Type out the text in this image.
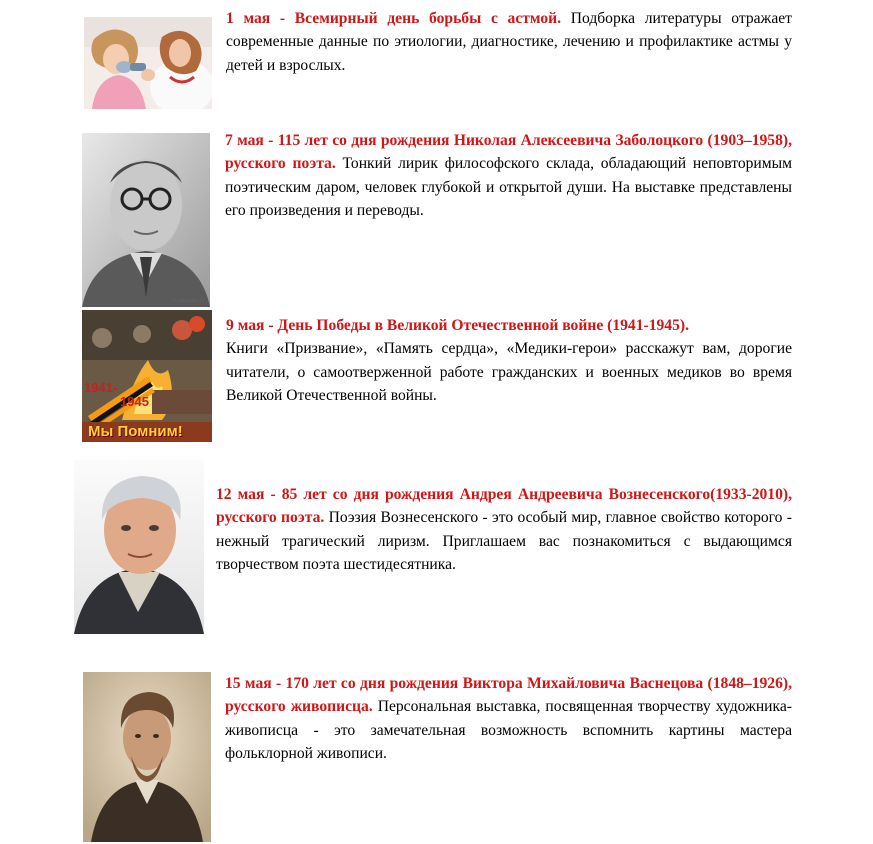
1 мая - Всемирный день борьбы с астмой. Подборка литературы отражает современные данные по этиологии, диагностике, лечению и профилактике астмы у детей и взрослых.

ru.bookupu.ru

7 мая - 115 лет со дня рождения Николая Алексеевича Заболоцкого (1903–1958), русского поэта. Тонкий лирик философского склада, обладающий неповторимым поэтическим даром, человек глубокой и открытой души. На выставке представлены его произведения и переводы.

1941-
1945
Мы Помним!

9 мая - День Победы в Великой Отечественной войне (1941-1945).

Книги «Призвание», «Память сердца», «Медики-герои» расскажут вам, дорогие читатели, о самоотверженной работе гражданских и военных медиков во время Великой Отечественной войны.

12 мая - 85 лет со дня рождения Андрея Андреевича Вознесенского(1933-2010), русского поэта. Поэзия Вознесенского - это особый мир, главное свойство которого - нежный трагический лиризм. Приглашаем вас познакомиться с выдающимся творчеством поэта шестидесятника.

15 мая - 170 лет со дня рождения Виктора Михайловича Васнецова (1848–1926), русского живописца. Персональная выставка, посвященная творчеству художника-живописца - это замечательная возможность вспомнить картины мастера фольклорной живописи.
